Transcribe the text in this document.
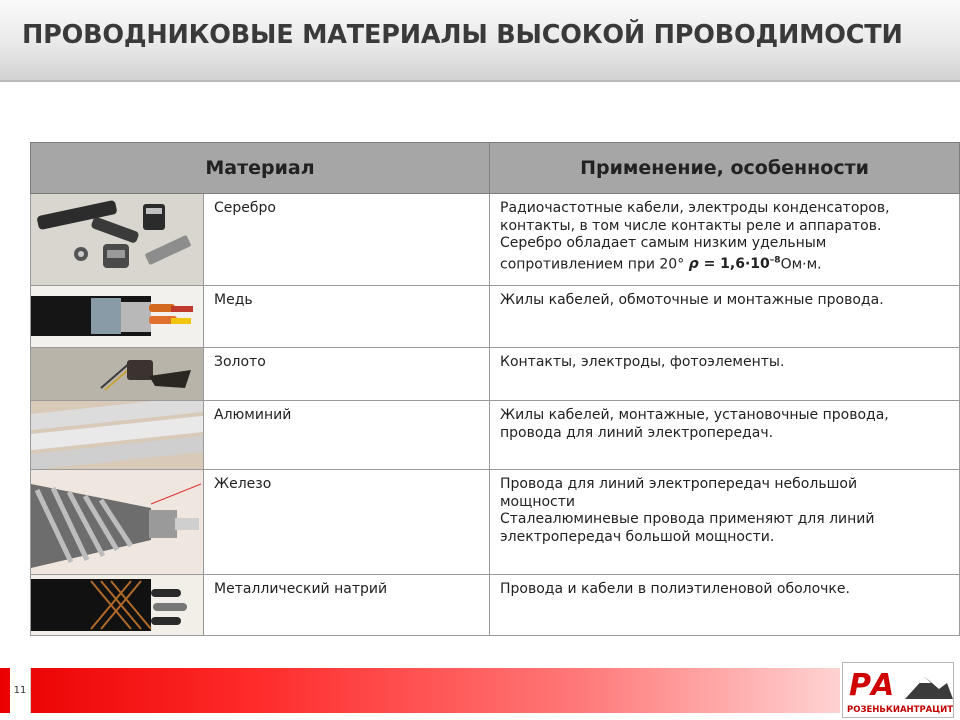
ПРОВОДНИКОВЫЕ МАТЕРИАЛЫ ВЫСОКОЙ ПРОВОДИМОСТИ
Материал	Применение, особенности

Серебро	Радиочастотные кабели, электроды конденсаторов,
контакты, в том числе контакты реле и аппаратов.
Серебро обладает самым низким удельным
сопротивлением при 20° $\rho = 1,6\cdot 10^{-8}Ом\cdot м$.

Медь	Жилы кабелей, обмоточные и монтажные провода.

Золото	Контакты, электроды, фотоэлементы.

Алюминий	Жилы кабелей, монтажные, установочные провода,
провода для линий электропередач.

Железо	Провода для линий электропередач небольшой
мощности
Сталеалюминевые провода применяют для линий
электропередач большой мощности.

Металлический натрий	Провода и кабели в полиэтиленовой оболочке.
11	РА
РОЗЕНЬКИАНТРАЦИТ
